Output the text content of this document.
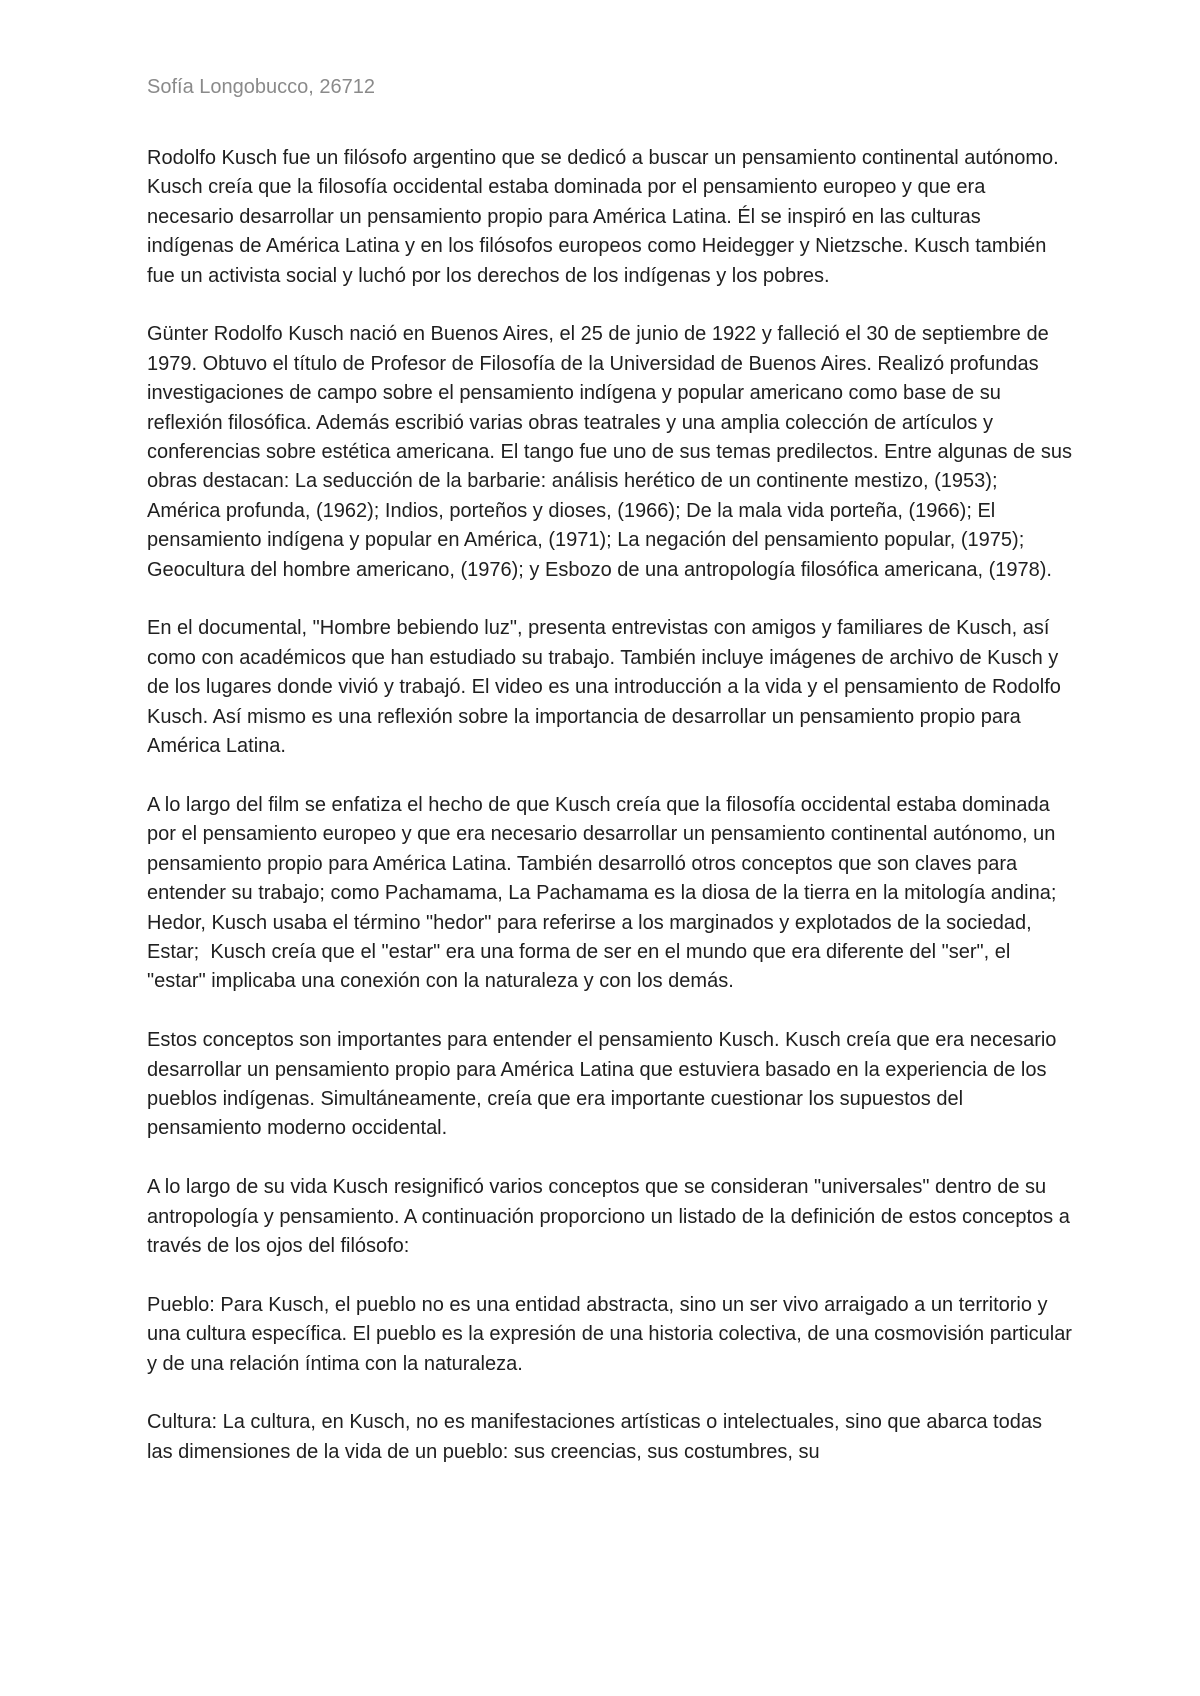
Sofía Longobucco, 26712

Rodolfo Kusch fue un filósofo argentino que se dedicó a buscar un pensamiento continental autónomo. Kusch creía que la filosofía occidental estaba dominada por el pensamiento europeo y que era necesario desarrollar un pensamiento propio para América Latina. Él se inspiró en las culturas indígenas de América Latina y en los filósofos europeos como Heidegger y Nietzsche. Kusch también fue un activista social y luchó por los derechos de los indígenas y los pobres.

Günter Rodolfo Kusch nació en Buenos Aires, el 25 de junio de 1922 y falleció el 30 de septiembre de 1979. Obtuvo el título de Profesor de Filosofía de la Universidad de Buenos Aires. Realizó profundas investigaciones de campo sobre el pensamiento indígena y popular americano como base de su reflexión filosófica. Además escribió varias obras teatrales y una amplia colección de artículos y conferencias sobre estética americana. El tango fue uno de sus temas predilectos. Entre algunas de sus obras destacan: La seducción de la barbarie: análisis herético de un continente mestizo, (1953); América profunda, (1962); Indios, porteños y dioses, (1966); De la mala vida porteña, (1966); El pensamiento indígena y popular en América, (1971); La negación del pensamiento popular, (1975); Geocultura del hombre americano, (1976); y Esbozo de una antropología filosófica americana, (1978).

En el documental, "Hombre bebiendo luz", presenta entrevistas con amigos y familiares de Kusch, así como con académicos que han estudiado su trabajo. También incluye imágenes de archivo de Kusch y de los lugares donde vivió y trabajó. El video es una introducción a la vida y el pensamiento de Rodolfo Kusch. Así mismo es una reflexión sobre la importancia de desarrollar un pensamiento propio para América Latina.

A lo largo del film se enfatiza el hecho de que Kusch creía que la filosofía occidental estaba dominada por el pensamiento europeo y que era necesario desarrollar un pensamiento continental autónomo, un pensamiento propio para América Latina. También desarrolló otros conceptos que son claves para entender su trabajo; como Pachamama, La Pachamama es la diosa de la tierra en la mitología andina; Hedor, Kusch usaba el término "hedor" para referirse a los marginados y explotados de la sociedad, Estar;  Kusch creía que el "estar" era una forma de ser en el mundo que era diferente del "ser", el "estar" implicaba una conexión con la naturaleza y con los demás.

Estos conceptos son importantes para entender el pensamiento Kusch. Kusch creía que era necesario desarrollar un pensamiento propio para América Latina que estuviera basado en la experiencia de los pueblos indígenas. Simultáneamente, creía que era importante cuestionar los supuestos del pensamiento moderno occidental.

A lo largo de su vida Kusch resignificó varios conceptos que se consideran "universales" dentro de su antropología y pensamiento. A continuación proporciono un listado de la definición de estos conceptos a través de los ojos del filósofo:

Pueblo: Para Kusch, el pueblo no es una entidad abstracta, sino un ser vivo arraigado a un territorio y una cultura específica. El pueblo es la expresión de una historia colectiva, de una cosmovisión particular y de una relación íntima con la naturaleza.

Cultura: La cultura, en Kusch, no es manifestaciones artísticas o intelectuales, sino que abarca todas las dimensiones de la vida de un pueblo: sus creencias, sus costumbres, su
